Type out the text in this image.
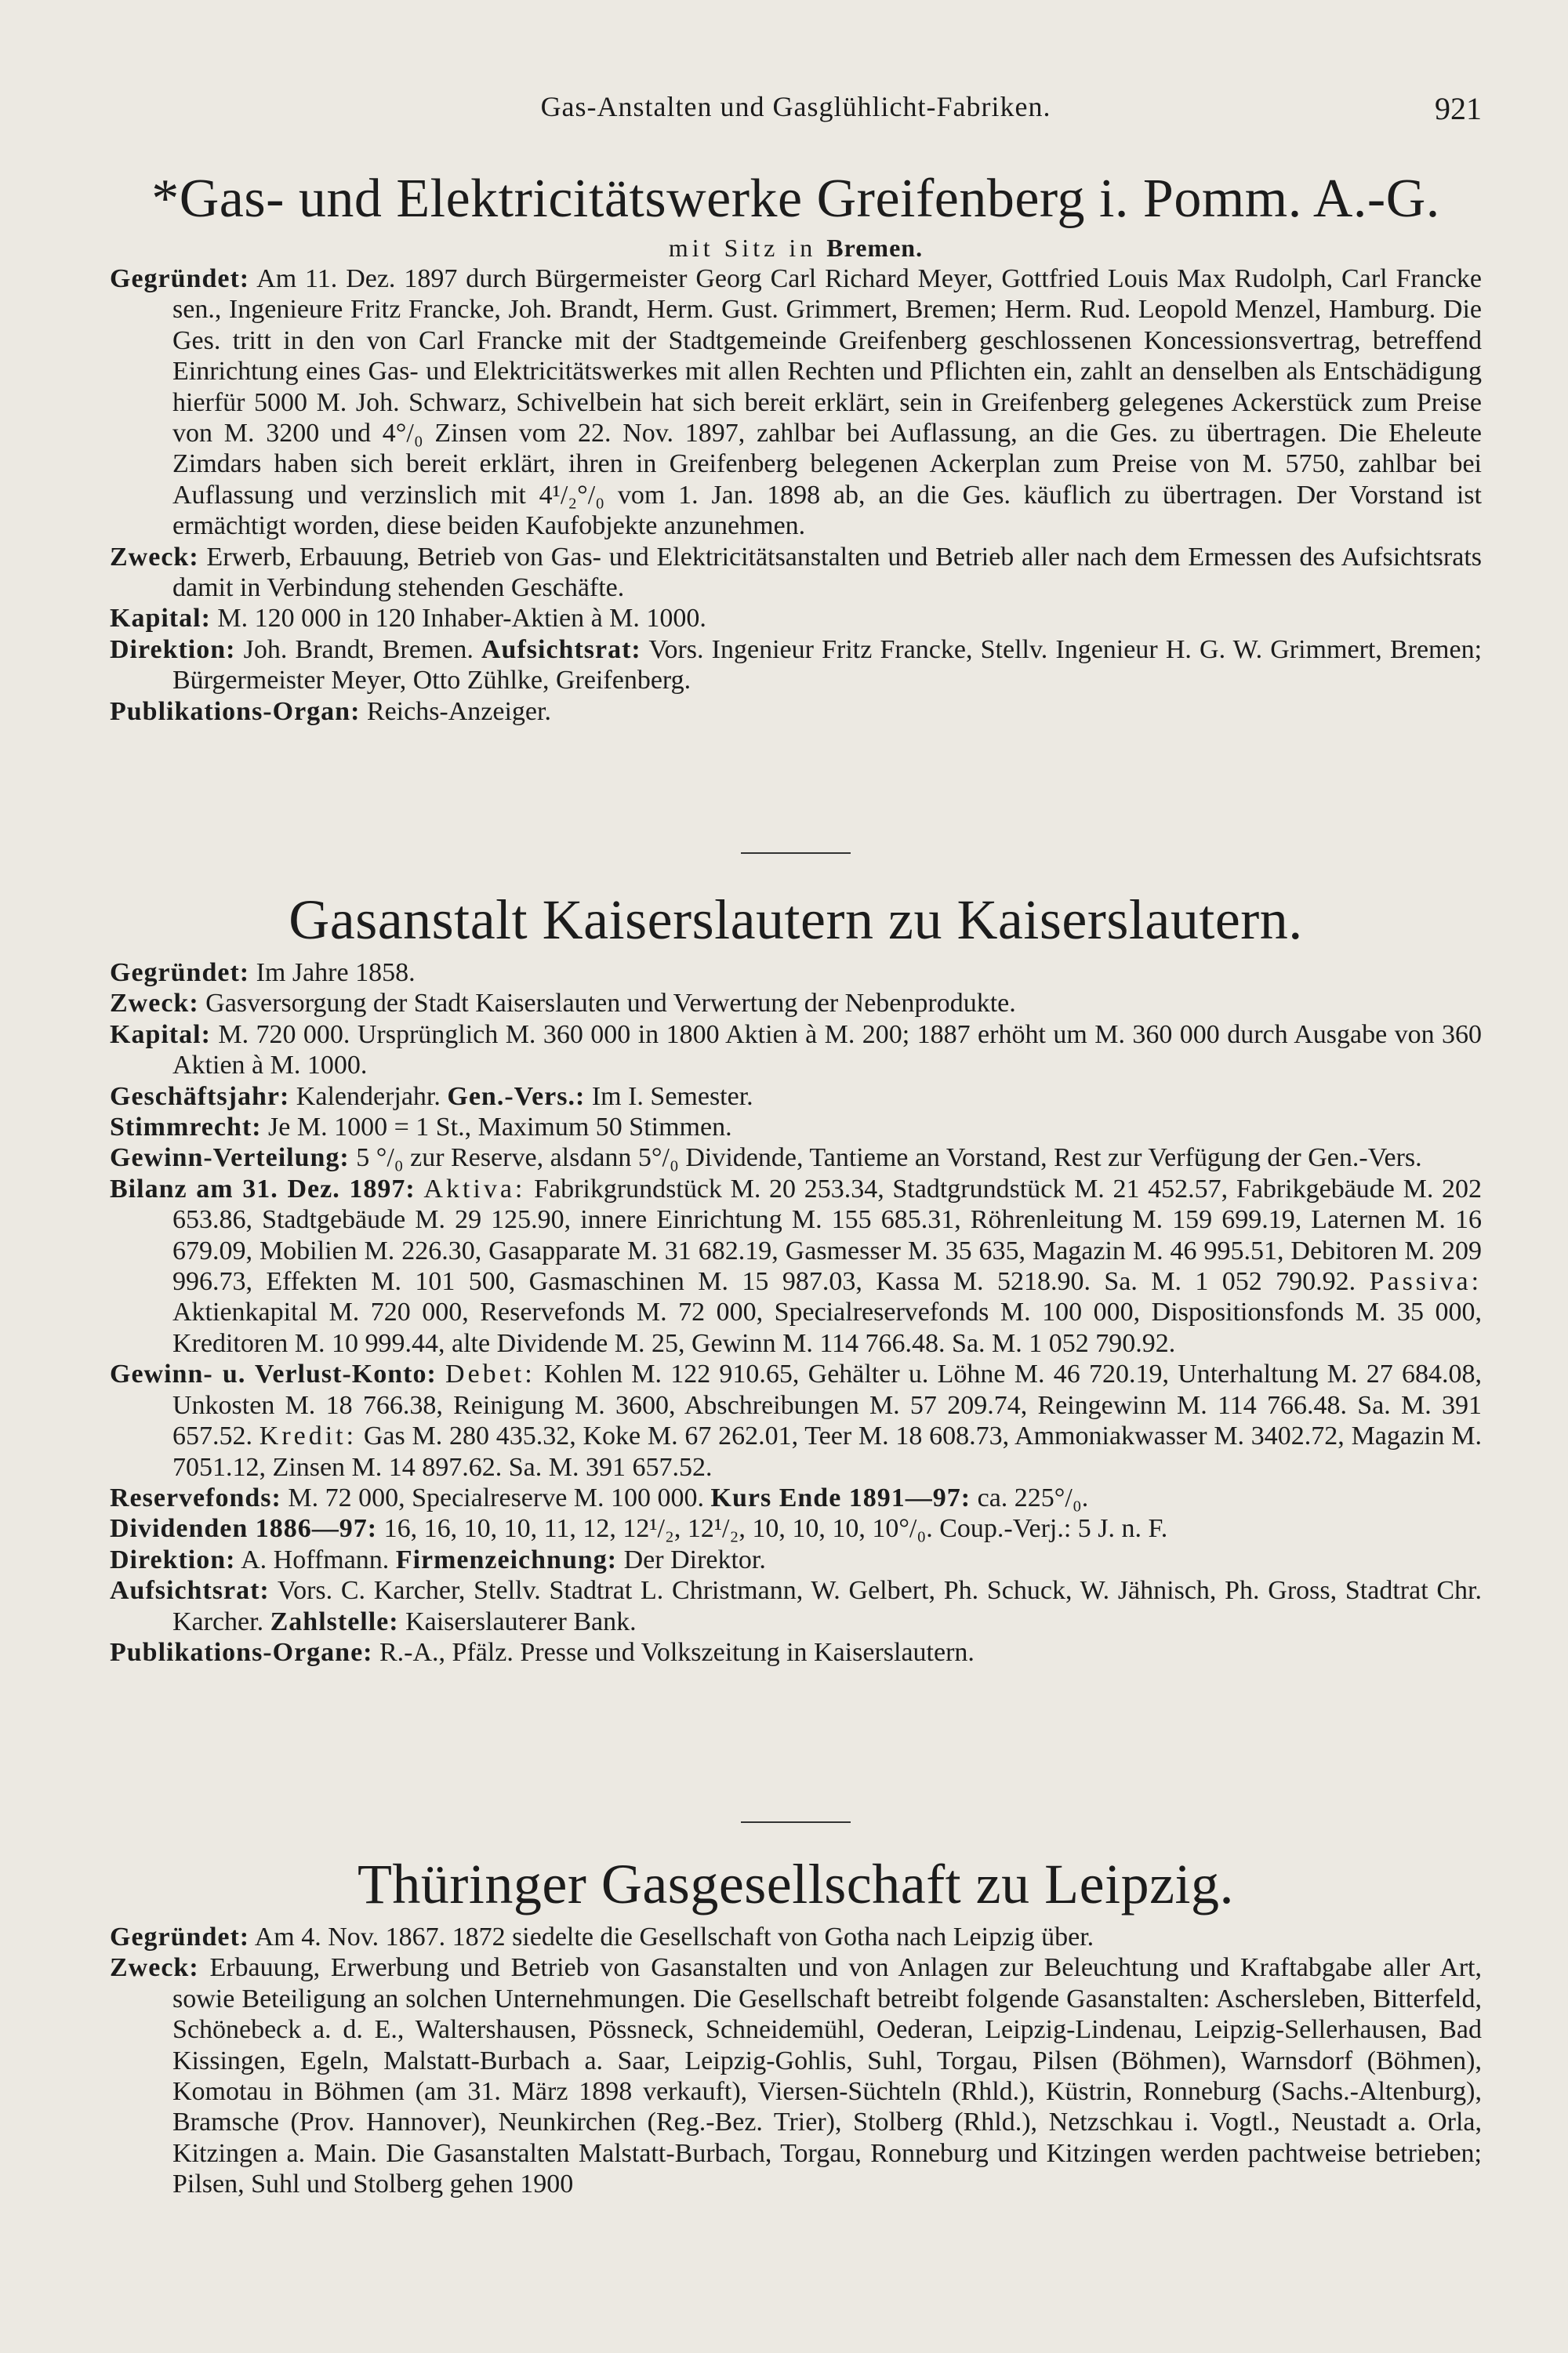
Gas-Anstalten und Gasglühlicht-Fabriken.	921
*Gas- und Elektricitätswerke Greifenberg i. Pomm. A.-G.
mit Sitz in Bremen.

Gegründet: Am 11. Dez. 1897 durch Bürgermeister Georg Carl Richard Meyer, Gottfried Louis Max Rudolph, Carl Francke sen., Ingenieure Fritz Francke, Joh. Brandt, Herm. Gust. Grimmert, Bremen; Herm. Rud. Leopold Menzel, Hamburg. Die Ges. tritt in den von Carl Francke mit der Stadtgemeinde Greifenberg geschlossenen Koncessionsvertrag, betreffend Einrichtung eines Gas- und Elektricitätswerkes mit allen Rechten und Pflichten ein, zahlt an denselben als Entschädigung hierfür 5000 M. Joh. Schwarz, Schivelbein hat sich bereit erklärt, sein in Greifenberg gelegenes Ackerstück zum Preise von M. 3200 und 4°/₀ Zinsen vom 22. Nov. 1897, zahlbar bei Auflassung, an die Ges. zu übertragen. Die Eheleute Zimdars haben sich bereit erklärt, ihren in Greifenberg belegenen Ackerplan zum Preise von M. 5750, zahlbar bei Auflassung und verzinslich mit 4¹/₂°/₀ vom 1. Jan. 1898 ab, an die Ges. käuflich zu übertragen. Der Vorstand ist ermächtigt worden, diese beiden Kaufobjekte anzunehmen.

Zweck: Erwerb, Erbauung, Betrieb von Gas- und Elektricitätsanstalten und Betrieb aller nach dem Ermessen des Aufsichtsrats damit in Verbindung stehenden Geschäfte.

Kapital: M. 120 000 in 120 Inhaber-Aktien à M. 1000.

Direktion: Joh. Brandt, Bremen. Aufsichtsrat: Vors. Ingenieur Fritz Francke, Stellv. Ingenieur H. G. W. Grimmert, Bremen; Bürgermeister Meyer, Otto Zühlke, Greifenberg.

Publikations-Organ: Reichs-Anzeiger.

Gasanstalt Kaiserslautern zu Kaiserslautern.

Gegründet: Im Jahre 1858.

Zweck: Gasversorgung der Stadt Kaiserslauten und Verwertung der Nebenprodukte.

Kapital: M. 720 000. Ursprünglich M. 360 000 in 1800 Aktien à M. 200; 1887 erhöht um M. 360 000 durch Ausgabe von 360 Aktien à M. 1000.

Geschäftsjahr: Kalenderjahr. Gen.-Vers.: Im I. Semester.

Stimmrecht: Je M. 1000 = 1 St., Maximum 50 Stimmen.

Gewinn-Verteilung: 5 °/₀ zur Reserve, alsdann 5°/₀ Dividende, Tantieme an Vorstand, Rest zur Verfügung der Gen.-Vers.

Bilanz am 31. Dez. 1897: Aktiva: Fabrikgrundstück M. 20 253.34, Stadtgrundstück M. 21 452.57, Fabrikgebäude M. 202 653.86, Stadtgebäude M. 29 125.90, innere Einrichtung M. 155 685.31, Röhrenleitung M. 159 699.19, Laternen M. 16 679.09, Mobilien M. 226.30, Gasapparate M. 31 682.19, Gasmesser M. 35 635, Magazin M. 46 995.51, Debitoren M. 209 996.73, Effekten M. 101 500, Gasmaschinen M. 15 987.03, Kassa M. 5218.90. Sa. M. 1 052 790.92. Passiva: Aktienkapital M. 720 000, Reservefonds M. 72 000, Specialreservefonds M. 100 000, Dispositionsfonds M. 35 000, Kreditoren M. 10 999.44, alte Dividende M. 25, Gewinn M. 114 766.48. Sa. M. 1 052 790.92.

Gewinn- u. Verlust-Konto: Debet: Kohlen M. 122 910.65, Gehälter u. Löhne M. 46 720.19, Unterhaltung M. 27 684.08, Unkosten M. 18 766.38, Reinigung M. 3600, Abschreibungen M. 57 209.74, Reingewinn M. 114 766.48. Sa. M. 391 657.52. Kredit: Gas M. 280 435.32, Koke M. 67 262.01, Teer M. 18 608.73, Ammoniakwasser M. 3402.72, Magazin M. 7051.12, Zinsen M. 14 897.62. Sa. M. 391 657.52.

Reservefonds: M. 72 000, Specialreserve M. 100 000. Kurs Ende 1891—97: ca. 225°/₀.

Dividenden 1886—97: 16, 16, 10, 10, 11, 12, 12¹/₂, 12¹/₂, 10, 10, 10, 10°/₀. Coup.-Verj.: 5 J. n. F.

Direktion: A. Hoffmann. Firmenzeichnung: Der Direktor.

Aufsichtsrat: Vors. C. Karcher, Stellv. Stadtrat L. Christmann, W. Gelbert, Ph. Schuck, W. Jähnisch, Ph. Gross, Stadtrat Chr. Karcher. Zahlstelle: Kaiserslauterer Bank.

Publikations-Organe: R.-A., Pfälz. Presse und Volkszeitung in Kaiserslautern.

Thüringer Gasgesellschaft zu Leipzig.

Gegründet: Am 4. Nov. 1867. 1872 siedelte die Gesellschaft von Gotha nach Leipzig über.

Zweck: Erbauung, Erwerbung und Betrieb von Gasanstalten und von Anlagen zur Beleuchtung und Kraftabgabe aller Art, sowie Beteiligung an solchen Unternehmungen. Die Gesellschaft betreibt folgende Gasanstalten: Aschersleben, Bitterfeld, Schönebeck a. d. E., Waltershausen, Pössneck, Schneidemühl, Oederan, Leipzig-Lindenau, Leipzig-Sellerhausen, Bad Kissingen, Egeln, Malstatt-Burbach a. Saar, Leipzig-Gohlis, Suhl, Torgau, Pilsen (Böhmen), Warnsdorf (Böhmen), Komotau in Böhmen (am 31. März 1898 verkauft), Viersen-Süchteln (Rhld.), Küstrin, Ronneburg (Sachs.-Altenburg), Bramsche (Prov. Hannover), Neunkirchen (Reg.-Bez. Trier), Stolberg (Rhld.), Netzschkau i. Vogtl., Neustadt a. Orla, Kitzingen a. Main. Die Gasanstalten Malstatt-Burbach, Torgau, Ronneburg und Kitzingen werden pachtweise betrieben; Pilsen, Suhl und Stolberg gehen 1900
